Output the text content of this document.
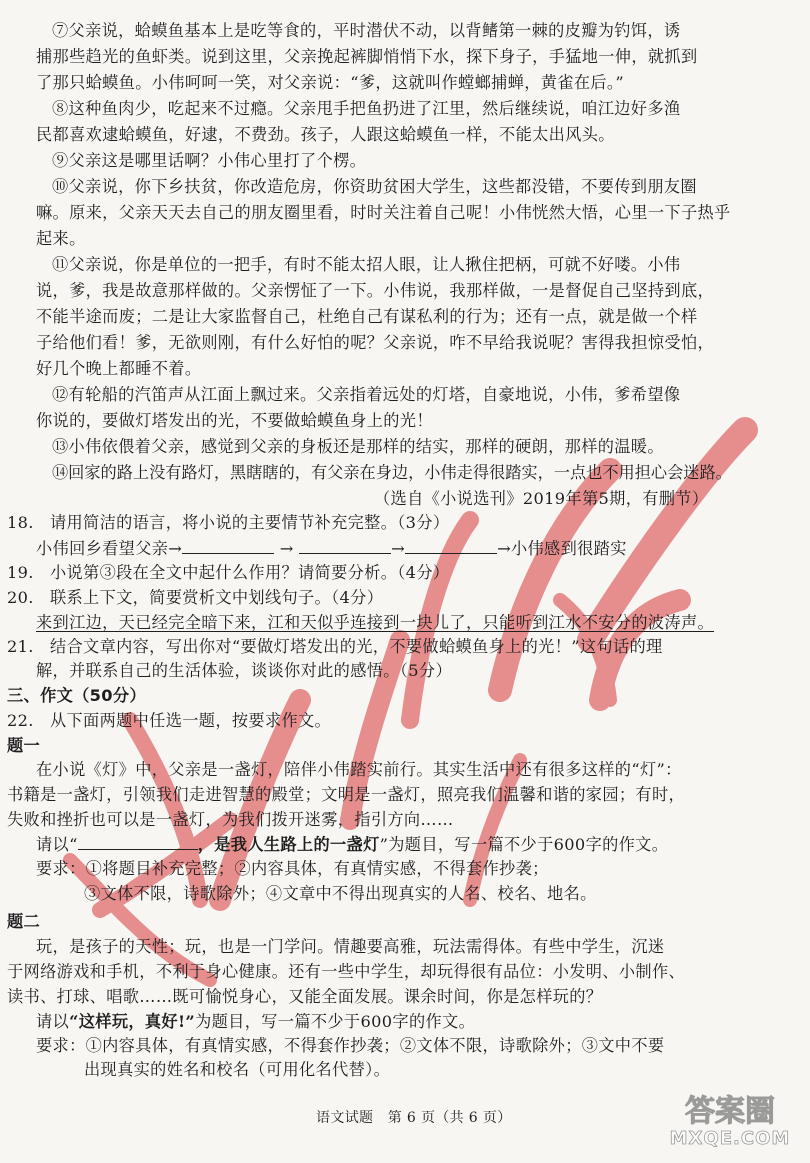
⑦父亲说，蛤蟆鱼基本上是吃等食的，平时潜伏不动，以背鳍第一棘的皮瓣为钓饵，诱
捕那些趋光的鱼虾类。说到这里，父亲挽起裤脚悄悄下水，探下身子，手猛地一伸，就抓到
了那只蛤蟆鱼。小伟呵呵一笑，对父亲说：“爹，这就叫作螳螂捕蝉，黄雀在后。”
⑧这种鱼肉少，吃起来不过瘾。父亲甩手把鱼扔进了江里，然后继续说，咱江边好多渔
民都喜欢逮蛤蟆鱼，好逮，不费劲。孩子，人跟这蛤蟆鱼一样，不能太出风头。
⑨父亲这是哪里话啊？小伟心里打了个楞。
⑩父亲说，你下乡扶贫，你改造危房，你资助贫困大学生，这些都没错，不要传到朋友圈
嘛。原来，父亲天天去自己的朋友圈里看，时时关注着自己呢！小伟恍然大悟，心里一下子热乎
起来。
⑪父亲说，你是单位的一把手，有时不能太招人眼，让人揪住把柄，可就不好喽。小伟
说，爹，我是故意那样做的。父亲愣怔了一下。小伟说，我那样做，一是督促自己坚持到底，
不能半途而废；二是让大家监督自己，杜绝自己有谋私利的行为；还有一点，就是做一个样
子给他们看！爹，无欲则刚，有什么好怕的呢？父亲说，咋不早给我说呢？害得我担惊受怕，
好几个晚上都睡不着。
⑫有轮船的汽笛声从江面上飘过来。父亲指着远处的灯塔，自豪地说，小伟，爹希望像
你说的，要做灯塔发出的光，不要做蛤蟆鱼身上的光！
⑬小伟依偎着父亲，感觉到父亲的身板还是那样的结实，那样的硬朗，那样的温暖。
⑭回家的路上没有路灯，黑瞎瞎的，有父亲在身边，小伟走得很踏实，一点也不用担心会迷路。
（选自《小说选刊》2019年第5期，有删节）
18.  请用简洁的语言，将小说的主要情节补充完整。（3分）
小伟回乡看望父亲→	→	→	→小伟感到很踏实
19.  小说第③段在全文中起什么作用？请简要分析。（4分）
20.  联系上下文，简要赏析文中划线句子。（4分）
来到江边，天已经完全暗下来，江和天似乎连接到一块儿了，只能听到江水不安分的波涛声。
21.  结合文章内容，写出你对“要做灯塔发出的光，不要做蛤蟆鱼身上的光！”这句话的理
解，并联系自己的生活体验，谈谈你对此的感悟。（5分）
三、作文（50分）
22.  从下面两题中任选一题，按要求作文。
题一
在小说《灯》中，父亲是一盏灯，陪伴小伟踏实前行。其实生活中还有很多这样的“灯”：
书籍是一盏灯，引领我们走进智慧的殿堂；文明是一盏灯，照亮我们温馨和谐的家园；有时，
失败和挫折也可以是一盏灯，为我们拨开迷雾，指引方向……
请以“	，是我人生路上的一盏灯”为题目，写一篇不少于600字的作文。
要求：①将题目补充完整；②内容具体，有真情实感，不得套作抄袭；
③文体不限，诗歌除外；④文章中不得出现真实的人名、校名、地名。
题二
玩，是孩子的天性；玩，也是一门学问。情趣要高雅，玩法需得体。有些中学生，沉迷
于网络游戏和手机，不利于身心健康。还有一些中学生，却玩得很有品位：小发明、小制作、
读书、打球、唱歌……既可愉悦身心，又能全面发展。课余时间，你是怎样玩的？
请以“这样玩，真好!”为题目，写一篇不少于600字的作文。
要求：①内容具体，有真情实感，不得套作抄袭；②文体不限，诗歌除外；③文中不要
出现真实的姓名和校名（可用化名代替）。
语文试题　第 6 页（共 6 页）	答案圈
MXQE.COM
